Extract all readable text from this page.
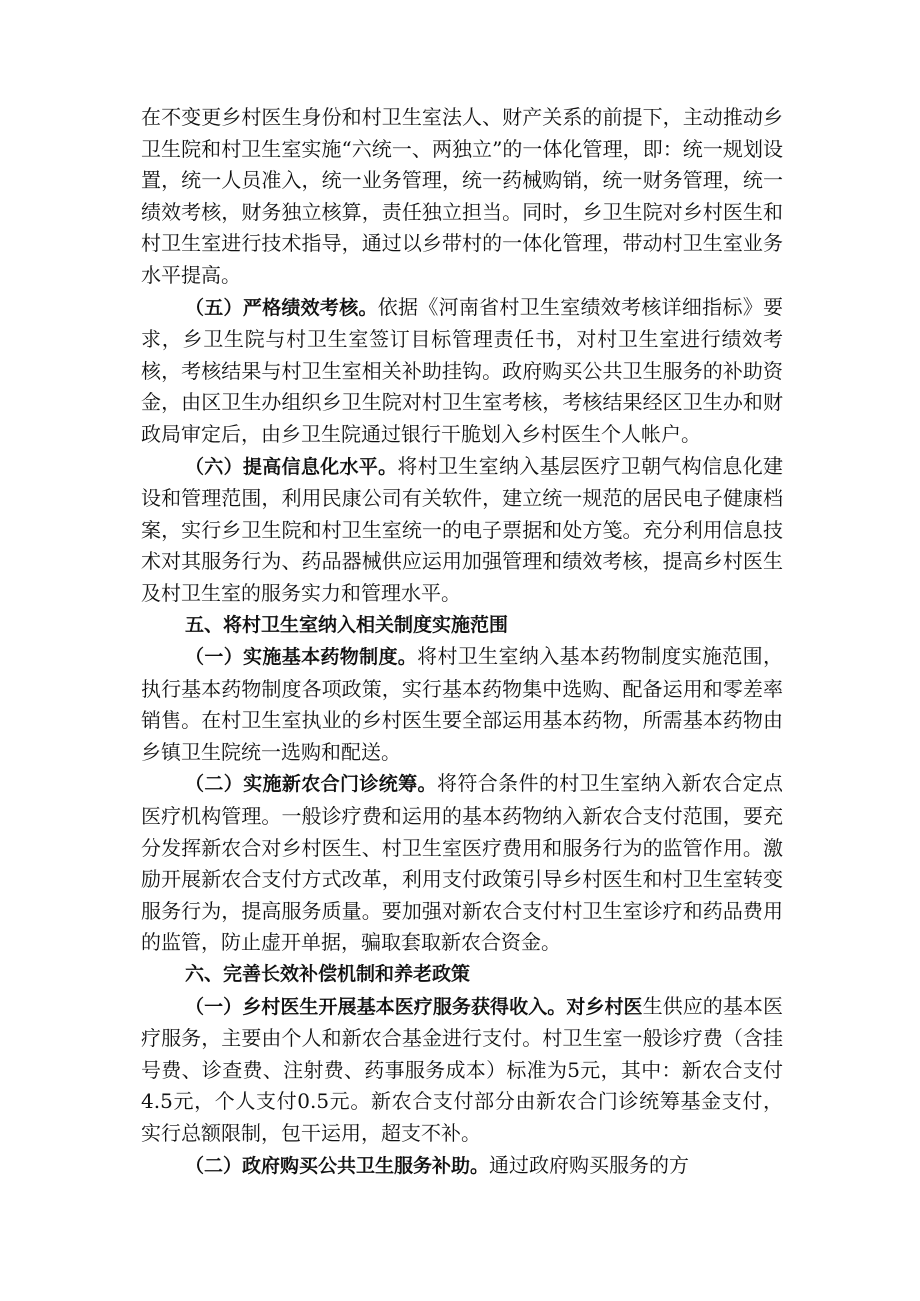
在不变更乡村医生身份和村卫生室法人、财产关系的前提下，主动推动乡卫生院和村卫生室实施“六统一、两独立”的一体化管理，即：统一规划设置，统一人员准入，统一业务管理，统一药械购销，统一财务管理，统一绩效考核，财务独立核算，责任独立担当。同时，乡卫生院对乡村医生和村卫生室进行技术指导，通过以乡带村的一体化管理，带动村卫生室业务水平提高。

（五）严格绩效考核。依据《河南省村卫生室绩效考核详细指标》要求，乡卫生院与村卫生室签订目标管理责任书，对村卫生室进行绩效考核，考核结果与村卫生室相关补助挂钩。政府购买公共卫生服务的补助资金，由区卫生办组织乡卫生院对村卫生室考核，考核结果经区卫生办和财政局审定后，由乡卫生院通过银行干脆划入乡村医生个人帐户。

（六）提高信息化水平。将村卫生室纳入基层医疗卫朝气构信息化建设和管理范围，利用民康公司有关软件，建立统一规范的居民电子健康档案，实行乡卫生院和村卫生室统一的电子票据和处方笺。充分利用信息技术对其服务行为、药品器械供应运用加强管理和绩效考核，提高乡村医生及村卫生室的服务实力和管理水平。

五、将村卫生室纳入相关制度实施范围

（一）实施基本药物制度。将村卫生室纳入基本药物制度实施范围，执行基本药物制度各项政策，实行基本药物集中选购、配备运用和零差率销售。在村卫生室执业的乡村医生要全部运用基本药物，所需基本药物由乡镇卫生院统一选购和配送。

（二）实施新农合门诊统筹。将符合条件的村卫生室纳入新农合定点医疗机构管理。一般诊疗费和运用的基本药物纳入新农合支付范围，要充分发挥新农合对乡村医生、村卫生室医疗费用和服务行为的监管作用。激励开展新农合支付方式改革，利用支付政策引导乡村医生和村卫生室转变服务行为，提高服务质量。要加强对新农合支付村卫生室诊疗和药品费用的监管，防止虚开单据，骗取套取新农合资金。

六、完善长效补偿机制和养老政策

（一）乡村医生开展基本医疗服务获得收入。对乡村医生供应的基本医疗服务，主要由个人和新农合基金进行支付。村卫生室一般诊疗费（含挂号费、诊查费、注射费、药事服务成本）标准为5元，其中：新农合支付4.5元，个人支付0.5元。新农合支付部分由新农合门诊统筹基金支付，实行总额限制，包干运用，超支不补。

（二）政府购买公共卫生服务补助。通过政府购买服务的方
